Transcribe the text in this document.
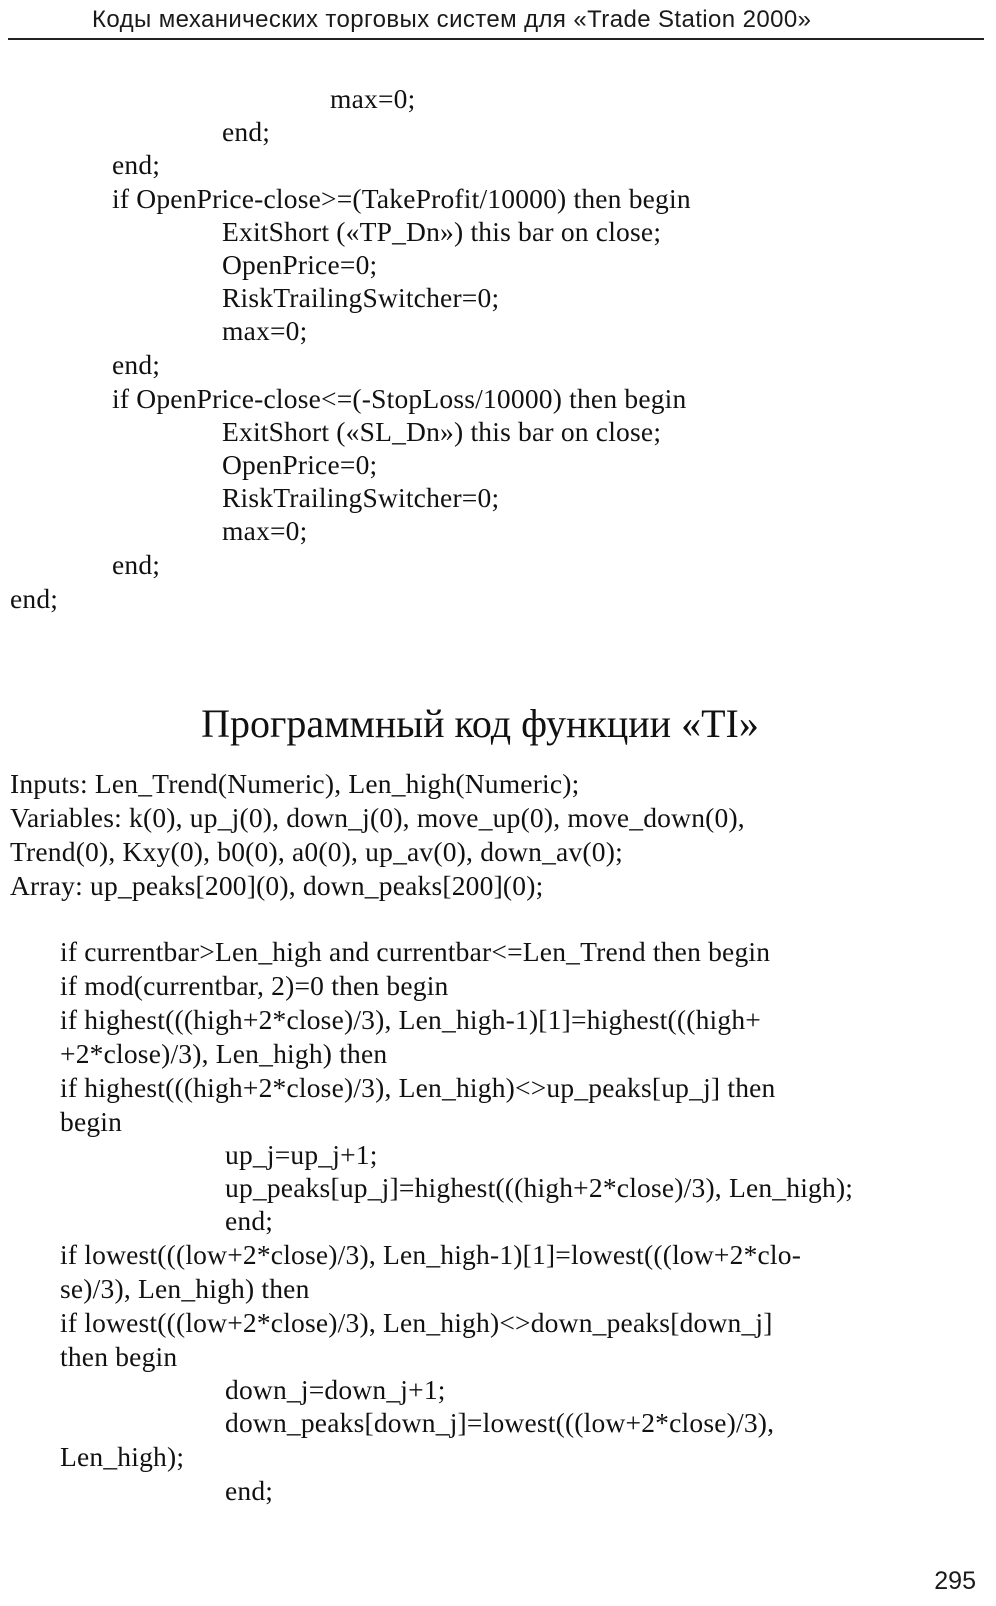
Коды механических торговых систем для «Trade Station 2000»
max=0;
end;
end;
if OpenPrice-close>=(TakeProfit/10000) then begin
ExitShort («TP_Dn») this bar on close;
OpenPrice=0;
RiskTrailingSwitcher=0;
max=0;
end;
if OpenPrice-close<=(-StopLoss/10000) then begin
ExitShort («SL_Dn») this bar on close;
OpenPrice=0;
RiskTrailingSwitcher=0;
max=0;
end;
end;
Программный код функции «TI»
Inputs: Len_Trend(Numeric), Len_high(Numeric);
Variables: k(0), up_j(0), down_j(0), move_up(0), move_down(0),
Trend(0), Kxy(0), b0(0), a0(0), up_av(0), down_av(0);
Array: up_peaks[200](0), down_peaks[200](0);
if currentbar>Len_high and currentbar<=Len_Trend then begin
if mod(currentbar, 2)=0 then begin
if highest(((high+2*close)/3), Len_high-1)[1]=highest(((high+
+2*close)/3), Len_high) then
if highest(((high+2*close)/3), Len_high)<>up_peaks[up_j] then
begin
up_j=up_j+1;
up_peaks[up_j]=highest(((high+2*close)/3), Len_high);
end;
if lowest(((low+2*close)/3), Len_high-1)[1]=lowest(((low+2*clo-
se)/3), Len_high) then
if lowest(((low+2*close)/3), Len_high)<>down_peaks[down_j]
then begin
down_j=down_j+1;
down_peaks[down_j]=lowest(((low+2*close)/3),
Len_high);
end;
295
